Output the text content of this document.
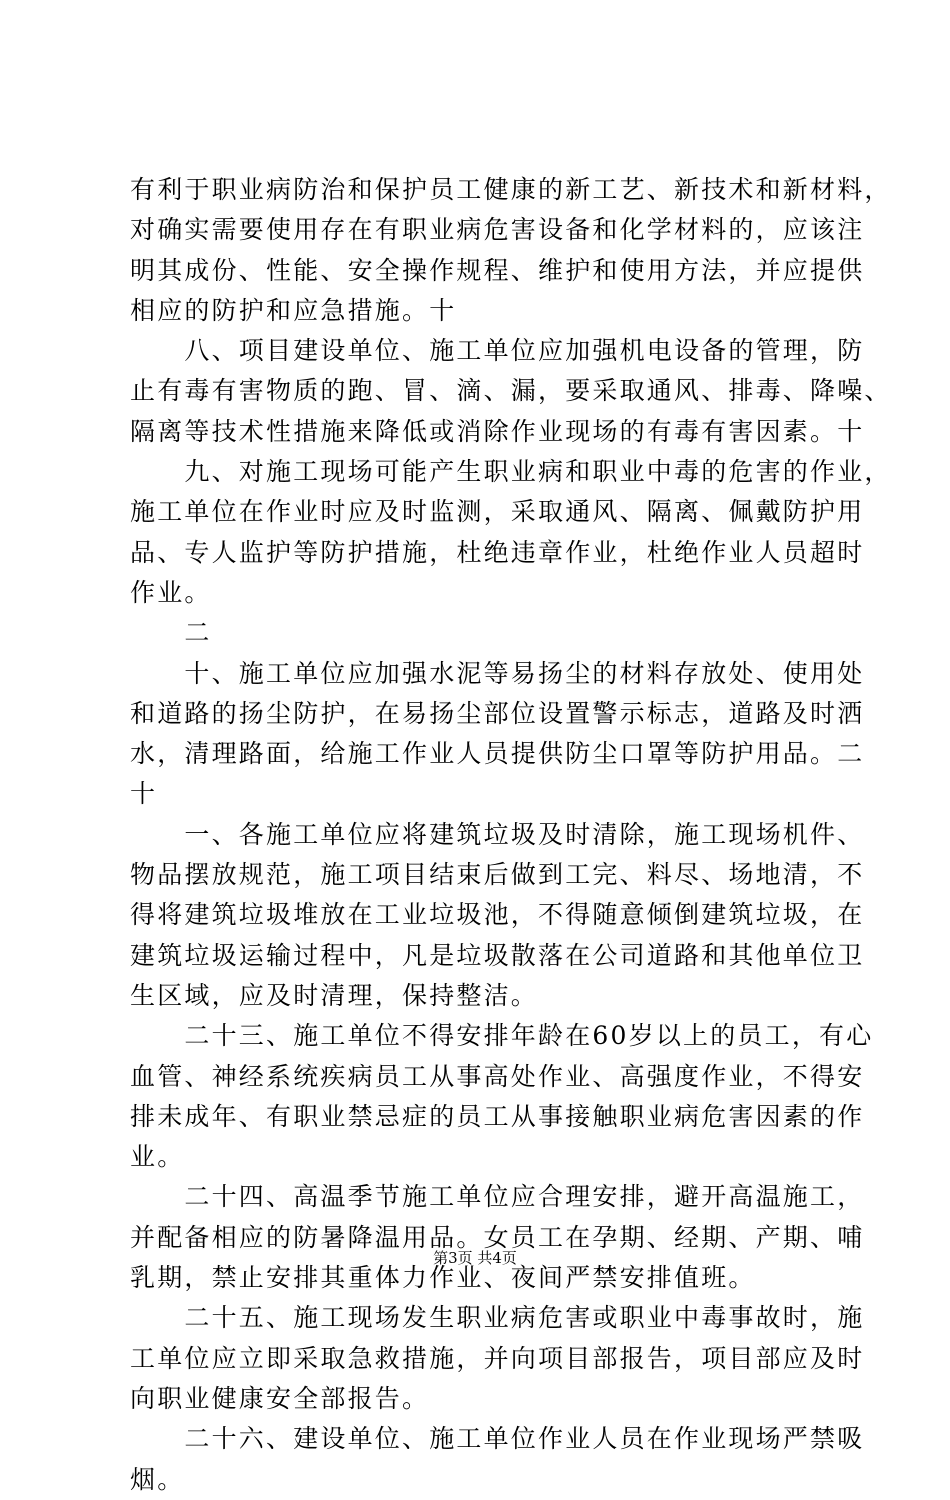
有利于职业病防治和保护员工健康的新工艺、新技术和新材料，
对确实需要使用存在有职业病危害设备和化学材料的，应该注
明其成份、性能、安全操作规程、维护和使用方法，并应提供
相应的防护和应急措施。十
　　八、项目建设单位、施工单位应加强机电设备的管理，防
止有毒有害物质的跑、冒、滴、漏，要采取通风、排毒、降噪、
隔离等技术性措施来降低或消除作业现场的有毒有害因素。十
　　九、对施工现场可能产生职业病和职业中毒的危害的作业，
施工单位在作业时应及时监测，采取通风、隔离、佩戴防护用
品、专人监护等防护措施，杜绝违章作业，杜绝作业人员超时
作业。
　　二
　　十、施工单位应加强水泥等易扬尘的材料存放处、使用处
和道路的扬尘防护，在易扬尘部位设置警示标志，道路及时洒
水，清理路面，给施工作业人员提供防尘口罩等防护用品。二
十
　　一、各施工单位应将建筑垃圾及时清除，施工现场机件、
物品摆放规范，施工项目结束后做到工完、料尽、场地清，不
得将建筑垃圾堆放在工业垃圾池，不得随意倾倒建筑垃圾，在
建筑垃圾运输过程中，凡是垃圾散落在公司道路和其他单位卫
生区域，应及时清理，保持整洁。
　　二十三、施工单位不得安排年龄在60岁以上的员工，有心
血管、神经系统疾病员工从事高处作业、高强度作业，不得安
排未成年、有职业禁忌症的员工从事接触职业病危害因素的作
业。
　　二十四、高温季节施工单位应合理安排，避开高温施工，
并配备相应的防暑降温用品。女员工在孕期、经期、产期、哺
乳期，禁止安排其重体力作业、夜间严禁安排值班。
　　二十五、施工现场发生职业病危害或职业中毒事故时，施
工单位应立即采取急救措施，并向项目部报告，项目部应及时
向职业健康安全部报告。
　　二十六、建设单位、施工单位作业人员在作业现场严禁吸
烟。
第3页 共4页
